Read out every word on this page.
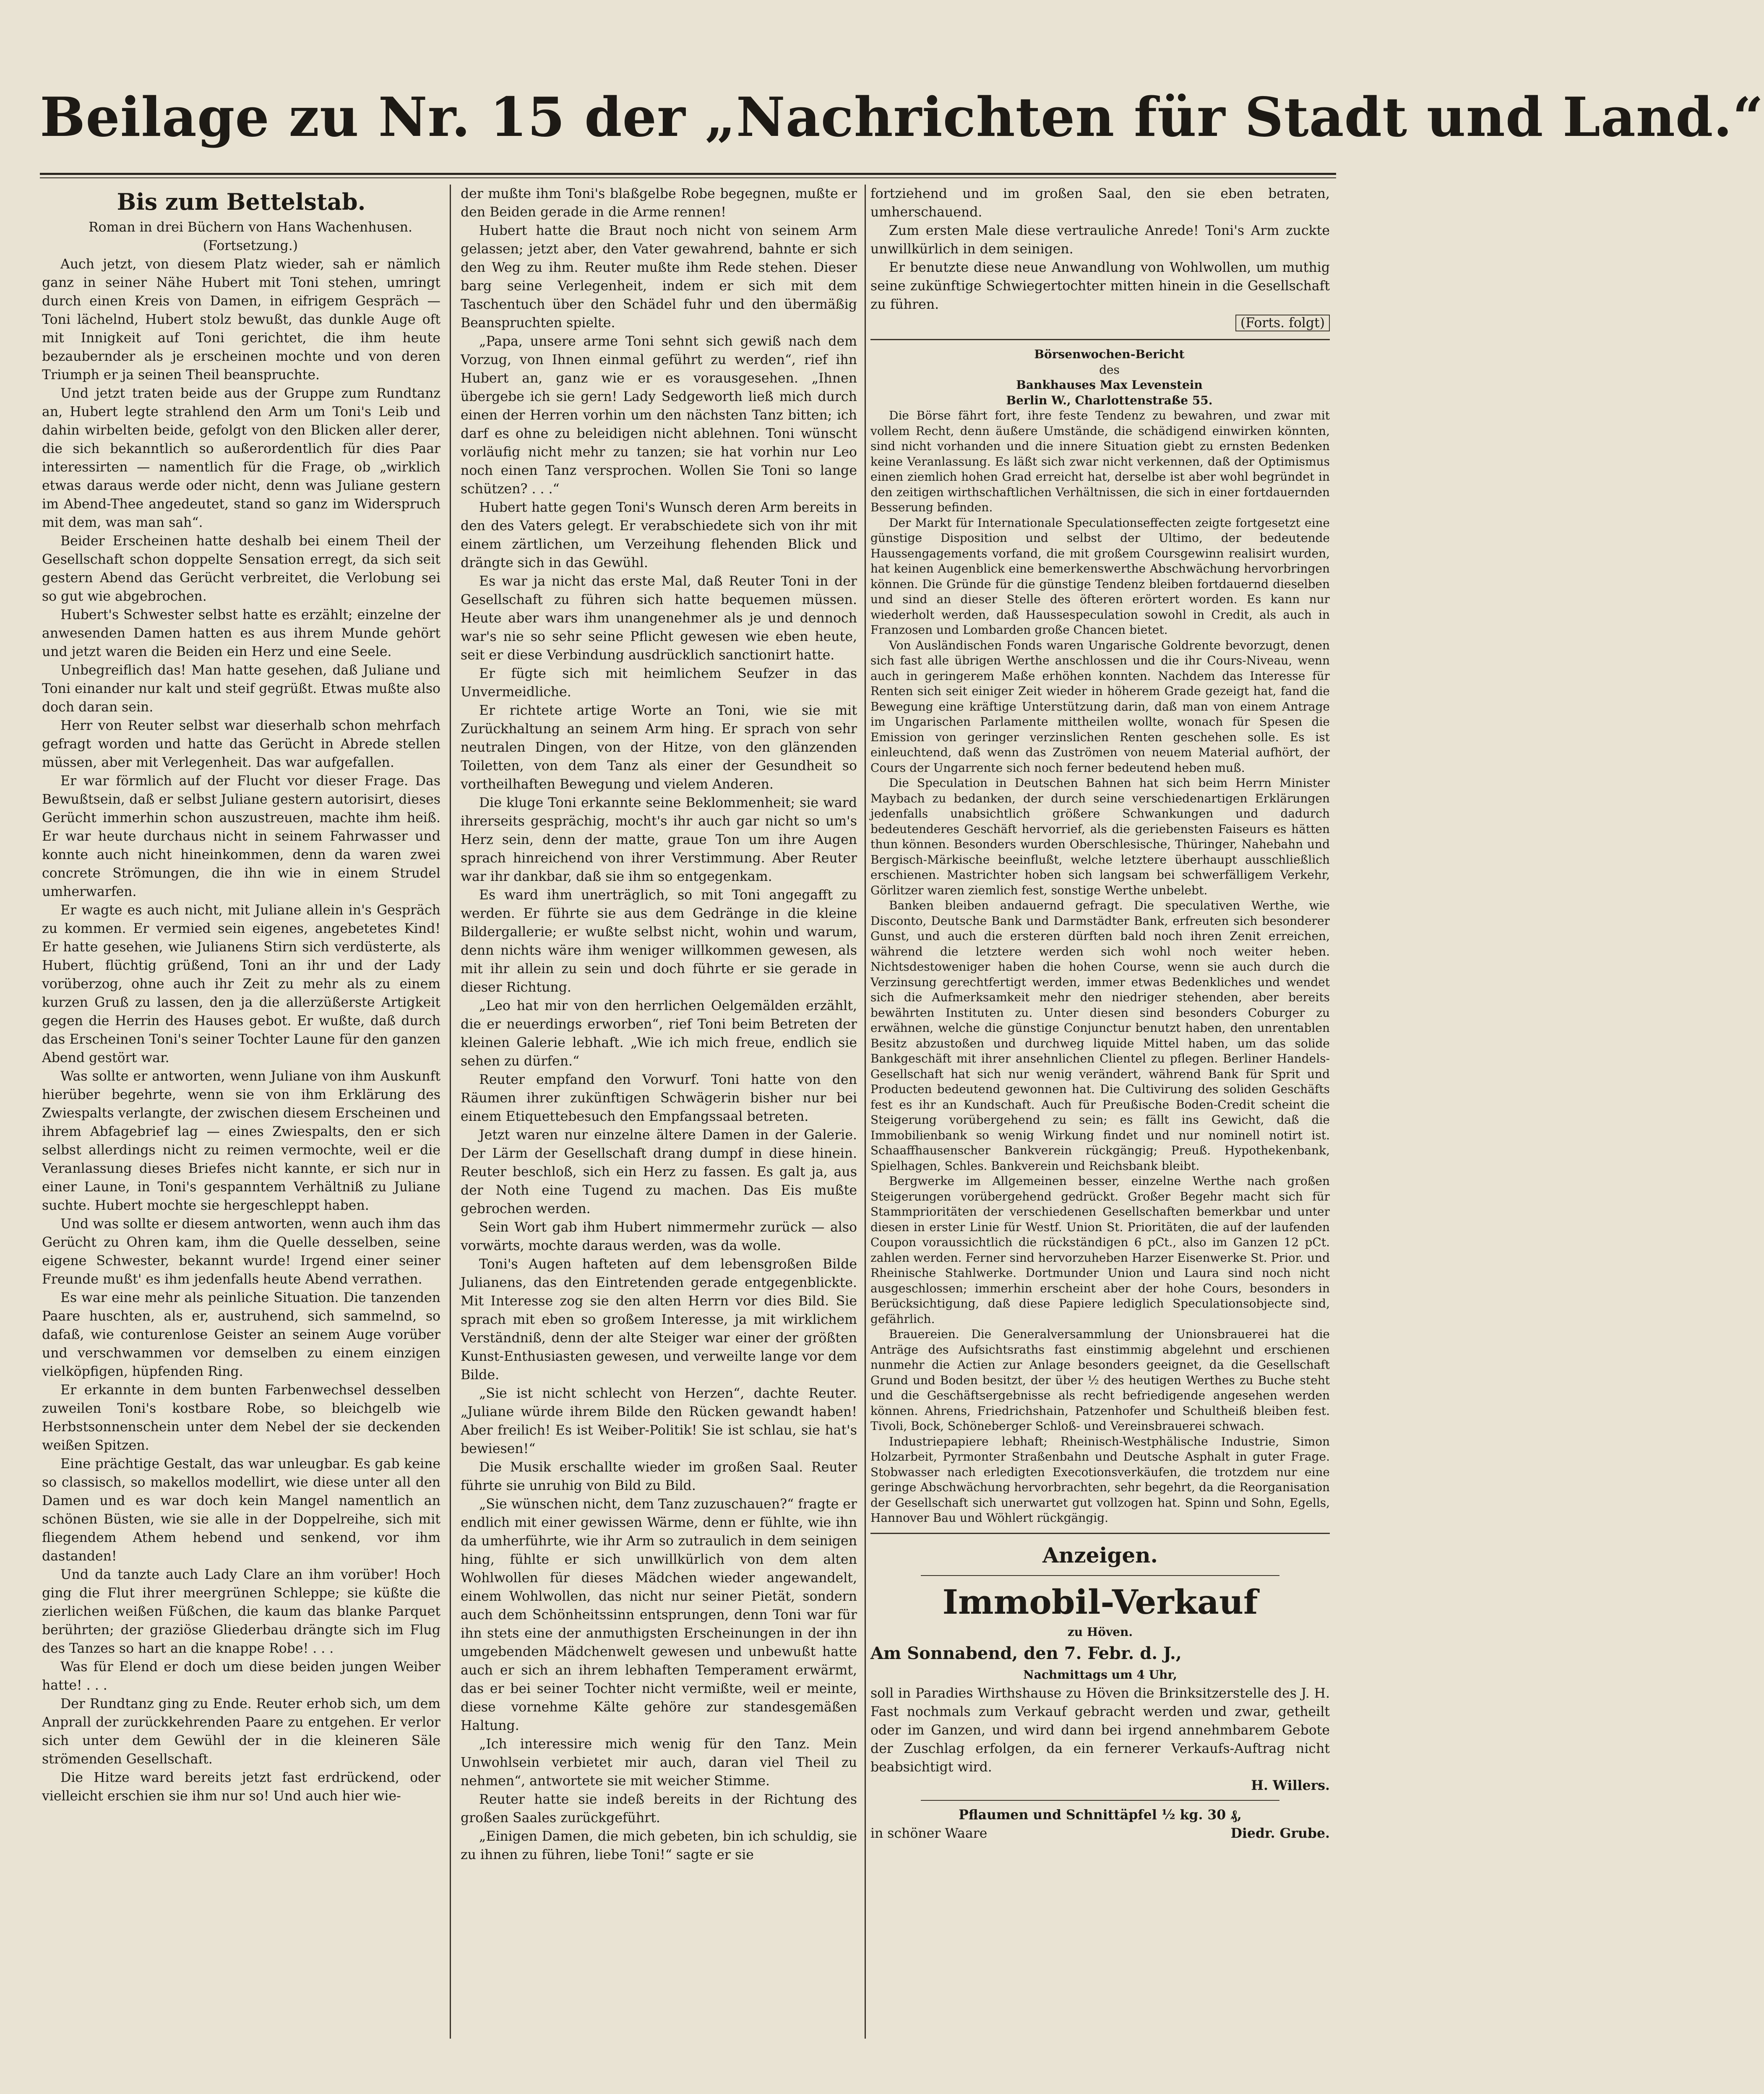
Beilage zu Nr. 15 der „Nachrichten für Stadt und Land.“
Bis zum Bettelstab.

Roman in drei Büchern von Hans Wachenhusen.

(Fortsetzung.)

Auch jetzt, von diesem Platz wieder, sah er nämlich ganz in seiner Nähe Hubert mit Toni stehen, umringt durch einen Kreis von Damen, in eifrigem Gespräch — Toni lächelnd, Hubert stolz bewußt, das dunkle Auge oft mit Innigkeit auf Toni gerichtet, die ihm heute bezaubernder als je erscheinen mochte und von deren Triumph er ja seinen Theil beanspruchte.

Und jetzt traten beide aus der Gruppe zum Rundtanz an, Hubert legte strahlend den Arm um Toni's Leib und dahin wirbelten beide, gefolgt von den Blicken aller derer, die sich bekanntlich so außerordentlich für dies Paar interessirten — namentlich für die Frage, ob „wirklich etwas daraus werde oder nicht, denn was Juliane gestern im Abend-Thee angedeutet, stand so ganz im Widerspruch mit dem, was man sah“.

Beider Erscheinen hatte deshalb bei einem Theil der Gesellschaft schon doppelte Sensation erregt, da sich seit gestern Abend das Gerücht verbreitet, die Verlobung sei so gut wie abgebrochen.

Hubert's Schwester selbst hatte es erzählt; einzelne der anwesenden Damen hatten es aus ihrem Munde gehört und jetzt waren die Beiden ein Herz und eine Seele.

Unbegreiflich das! Man hatte gesehen, daß Juliane und Toni einander nur kalt und steif gegrüßt. Etwas mußte also doch daran sein.

Herr von Reuter selbst war dieserhalb schon mehrfach gefragt worden und hatte das Gerücht in Abrede stellen müssen, aber mit Verlegenheit. Das war aufgefallen.

Er war förmlich auf der Flucht vor dieser Frage. Das Bewußtsein, daß er selbst Juliane gestern autorisirt, dieses Gerücht immerhin schon auszustreuen, machte ihm heiß. Er war heute durchaus nicht in seinem Fahrwasser und konnte auch nicht hineinkommen, denn da waren zwei concrete Strömungen, die ihn wie in einem Strudel umherwarfen.

Er wagte es auch nicht, mit Juliane allein in's Gespräch zu kommen. Er vermied sein eigenes, angebetetes Kind! Er hatte gesehen, wie Julianens Stirn sich verdüsterte, als Hubert, flüchtig grüßend, Toni an ihr und der Lady vorüberzog, ohne auch ihr Zeit zu mehr als zu einem kurzen Gruß zu lassen, den ja die allerzüßerste Artigkeit gegen die Herrin des Hauses gebot. Er wußte, daß durch das Erscheinen Toni's seiner Tochter Laune für den ganzen Abend gestört war.

Was sollte er antworten, wenn Juliane von ihm Auskunft hierüber begehrte, wenn sie von ihm Erklärung des Zwiespalts verlangte, der zwischen diesem Erscheinen und ihrem Abfagebrief lag — eines Zwiespalts, den er sich selbst allerdings nicht zu reimen vermochte, weil er die Veranlassung dieses Briefes nicht kannte, er sich nur in einer Laune, in Toni's gespanntem Verhältniß zu Juliane suchte. Hubert mochte sie hergeschleppt haben.

Und was sollte er diesem antworten, wenn auch ihm das Gerücht zu Ohren kam, ihm die Quelle desselben, seine eigene Schwester, bekannt wurde! Irgend einer seiner Freunde mußt' es ihm jedenfalls heute Abend verrathen.

Es war eine mehr als peinliche Situation. Die tanzenden Paare huschten, als er, austruhend, sich sammelnd, so dafaß, wie conturenlose Geister an seinem Auge vorüber und verschwammen vor demselben zu einem einzigen vielköpfigen, hüpfenden Ring.

Er erkannte in dem bunten Farbenwechsel desselben zuweilen Toni's kostbare Robe, so bleichgelb wie Herbstsonnenschein unter dem Nebel der sie deckenden weißen Spitzen.

Eine prächtige Gestalt, das war unleugbar. Es gab keine so classisch, so makellos modellirt, wie diese unter all den Damen und es war doch kein Mangel namentlich an schönen Büsten, wie sie alle in der Doppelreihe, sich mit fliegendem Athem hebend und senkend, vor ihm dastanden!

Und da tanzte auch Lady Clare an ihm vorüber! Hoch ging die Flut ihrer meergrünen Schleppe; sie küßte die zierlichen weißen Füßchen, die kaum das blanke Parquet berührten; der graziöse Gliederbau drängte sich im Flug des Tanzes so hart an die knappe Robe! . . .

Was für Elend er doch um diese beiden jungen Weiber hatte! . . .

Der Rundtanz ging zu Ende. Reuter erhob sich, um dem Anprall der zurückkehrenden Paare zu entgehen. Er verlor sich unter dem Gewühl der in die kleineren Säle strömenden Gesellschaft.

Die Hitze ward bereits jetzt fast erdrückend, oder vielleicht erschien sie ihm nur so! Und auch hier wie-

der mußte ihm Toni's blaßgelbe Robe begegnen, mußte er den Beiden gerade in die Arme rennen!

Hubert hatte die Braut noch nicht von seinem Arm gelassen; jetzt aber, den Vater gewahrend, bahnte er sich den Weg zu ihm. Reuter mußte ihm Rede stehen. Dieser barg seine Verlegenheit, indem er sich mit dem Taschentuch über den Schädel fuhr und den übermäßig Beanspruchten spielte.

„Papa, unsere arme Toni sehnt sich gewiß nach dem Vorzug, von Ihnen einmal geführt zu werden“, rief ihn Hubert an, ganz wie er es vorausgesehen. „Ihnen übergebe ich sie gern! Lady Sedgeworth ließ mich durch einen der Herren vorhin um den nächsten Tanz bitten; ich darf es ohne zu beleidigen nicht ablehnen. Toni wünscht vorläufig nicht mehr zu tanzen; sie hat vorhin nur Leo noch einen Tanz versprochen. Wollen Sie Toni so lange schützen? . . .“

Hubert hatte gegen Toni's Wunsch deren Arm bereits in den des Vaters gelegt. Er verabschiedete sich von ihr mit einem zärtlichen, um Verzeihung flehenden Blick und drängte sich in das Gewühl.

Es war ja nicht das erste Mal, daß Reuter Toni in der Gesellschaft zu führen sich hatte bequemen müssen. Heute aber wars ihm unangenehmer als je und dennoch war's nie so sehr seine Pflicht gewesen wie eben heute, seit er diese Verbindung ausdrücklich sanctionirt hatte.

Er fügte sich mit heimlichem Seufzer in das Unvermeidliche.

Er richtete artige Worte an Toni, wie sie mit Zurückhaltung an seinem Arm hing. Er sprach von sehr neutralen Dingen, von der Hitze, von den glänzenden Toiletten, von dem Tanz als einer der Gesundheit so vortheilhaften Bewegung und vielem Anderen.

Die kluge Toni erkannte seine Beklommenheit; sie ward ihrerseits gesprächig, mocht's ihr auch gar nicht so um's Herz sein, denn der matte, graue Ton um ihre Augen sprach hinreichend von ihrer Verstimmung. Aber Reuter war ihr dankbar, daß sie ihm so entgegenkam.

Es ward ihm unerträglich, so mit Toni angegafft zu werden. Er führte sie aus dem Gedränge in die kleine Bildergallerie; er wußte selbst nicht, wohin und warum, denn nichts wäre ihm weniger willkommen gewesen, als mit ihr allein zu sein und doch führte er sie gerade in dieser Richtung.

„Leo hat mir von den herrlichen Oelgemälden erzählt, die er neuerdings erworben“, rief Toni beim Betreten der kleinen Galerie lebhaft. „Wie ich mich freue, endlich sie sehen zu dürfen.“

Reuter empfand den Vorwurf. Toni hatte von den Räumen ihrer zukünftigen Schwägerin bisher nur bei einem Etiquettebesuch den Empfangssaal betreten.

Jetzt waren nur einzelne ältere Damen in der Galerie. Der Lärm der Gesellschaft drang dumpf in diese hinein. Reuter beschloß, sich ein Herz zu fassen. Es galt ja, aus der Noth eine Tugend zu machen. Das Eis mußte gebrochen werden.

Sein Wort gab ihm Hubert nimmermehr zurück — also vorwärts, mochte daraus werden, was da wolle.

Toni's Augen hafteten auf dem lebensgroßen Bilde Julianens, das den Eintretenden gerade entgegenblickte. Mit Interesse zog sie den alten Herrn vor dies Bild. Sie sprach mit eben so großem Interesse, ja mit wirklichem Verständniß, denn der alte Steiger war einer der größten Kunst-Enthusiasten gewesen, und verweilte lange vor dem Bilde.

„Sie ist nicht schlecht von Herzen“, dachte Reuter. „Juliane würde ihrem Bilde den Rücken gewandt haben! Aber freilich! Es ist Weiber-Politik! Sie ist schlau, sie hat's bewiesen!“

Die Musik erschallte wieder im großen Saal. Reuter führte sie unruhig von Bild zu Bild.

„Sie wünschen nicht, dem Tanz zuzuschauen?“ fragte er endlich mit einer gewissen Wärme, denn er fühlte, wie ihn da umherführte, wie ihr Arm so zutraulich in dem seinigen hing, fühlte er sich unwillkürlich von dem alten Wohlwollen für dieses Mädchen wieder angewandelt, einem Wohlwollen, das nicht nur seiner Pietät, sondern auch dem Schönheitssinn entsprungen, denn Toni war für ihn stets eine der anmuthigsten Erscheinungen in der ihn umgebenden Mädchenwelt gewesen und unbewußt hatte auch er sich an ihrem lebhaften Temperament erwärmt, das er bei seiner Tochter nicht vermißte, weil er meinte, diese vornehme Kälte gehöre zur standesgemäßen Haltung.

„Ich interessire mich wenig für den Tanz. Mein Unwohlsein verbietet mir auch, daran viel Theil zu nehmen“, antwortete sie mit weicher Stimme.

Reuter hatte sie indeß bereits in der Richtung des großen Saales zurückgeführt.

„Einigen Damen, die mich gebeten, bin ich schuldig, sie zu ihnen zu führen, liebe Toni!“ sagte er sie

fortziehend und im großen Saal, den sie eben betraten, umherschauend.

Zum ersten Male diese vertrauliche Anrede! Toni's Arm zuckte unwillkürlich in dem seinigen.

Er benutzte diese neue Anwandlung von Wohlwollen, um muthig seine zukünftige Schwiegertochter mitten hinein in die Gesellschaft zu führen.

(Forts. folgt)

Börsenwochen-Bericht

des

Bankhauses Max Levenstein

Berlin W., Charlottenstraße 55.

Die Börse fährt fort, ihre feste Tendenz zu bewahren, und zwar mit vollem Recht, denn äußere Umstände, die schädigend einwirken könnten, sind nicht vorhanden und die innere Situation giebt zu ernsten Bedenken keine Veranlassung. Es läßt sich zwar nicht verkennen, daß der Optimismus einen ziemlich hohen Grad erreicht hat, derselbe ist aber wohl begründet in den zeitigen wirthschaftlichen Verhältnissen, die sich in einer fortdauernden Besserung befinden.

Der Markt für Internationale Speculationseffecten zeigte fortgesetzt eine günstige Disposition und selbst der Ultimo, der bedeutende Haussengagements vorfand, die mit großem Coursgewinn realisirt wurden, hat keinen Augenblick eine bemerkenswerthe Abschwächung hervorbringen können. Die Gründe für die günstige Tendenz bleiben fortdauernd dieselben und sind an dieser Stelle des öfteren erörtert worden. Es kann nur wiederholt werden, daß Haussespeculation sowohl in Credit, als auch in Franzosen und Lombarden große Chancen bietet.

Von Ausländischen Fonds waren Ungarische Goldrente bevorzugt, denen sich fast alle übrigen Werthe anschlossen und die ihr Cours-Niveau, wenn auch in geringerem Maße erhöhen konnten. Nachdem das Interesse für Renten sich seit einiger Zeit wieder in höherem Grade gezeigt hat, fand die Bewegung eine kräftige Unterstützung darin, daß man von einem Antrage im Ungarischen Parlamente mittheilen wollte, wonach für Spesen die Emission von geringer verzinslichen Renten geschehen solle. Es ist einleuchtend, daß wenn das Zuströmen von neuem Material aufhört, der Cours der Ungarrente sich noch ferner bedeutend heben muß.

Die Speculation in Deutschen Bahnen hat sich beim Herrn Minister Maybach zu bedanken, der durch seine verschiedenartigen Erklärungen jedenfalls unabsichtlich größere Schwankungen und dadurch bedeutenderes Geschäft hervorrief, als die geriebensten Faiseurs es hätten thun können. Besonders wurden Oberschlesische, Thüringer, Nahebahn und Bergisch-Märkische beeinflußt, welche letztere überhaupt ausschließlich erschienen. Mastrichter hoben sich langsam bei schwerfälligem Verkehr, Görlitzer waren ziemlich fest, sonstige Werthe unbelebt.

Banken bleiben andauernd gefragt. Die speculativen Werthe, wie Disconto, Deutsche Bank und Darmstädter Bank, erfreuten sich besonderer Gunst, und auch die ersteren dürften bald noch ihren Zenit erreichen, während die letztere werden sich wohl noch weiter heben. Nichtsdestoweniger haben die hohen Course, wenn sie auch durch die Verzinsung gerechtfertigt werden, immer etwas Bedenkliches und wendet sich die Aufmerksamkeit mehr den niedriger stehenden, aber bereits bewährten Instituten zu. Unter diesen sind besonders Coburger zu erwähnen, welche die günstige Conjunctur benutzt haben, den unrentablen Besitz abzustoßen und durchweg liquide Mittel haben, um das solide Bankgeschäft mit ihrer ansehnlichen Clientel zu pflegen. Berliner Handels-Gesellschaft hat sich nur wenig verändert, während Bank für Sprit und Producten bedeutend gewonnen hat. Die Cultivirung des soliden Geschäfts fest es ihr an Kundschaft. Auch für Preußische Boden-Credit scheint die Steigerung vorübergehend zu sein; es fällt ins Gewicht, daß die Immobilienbank so wenig Wirkung findet und nur nominell notirt ist. Schaaffhausenscher Bankverein rückgängig; Preuß. Hypothekenbank, Spielhagen, Schles. Bankverein und Reichsbank bleibt.

Bergwerke im Allgemeinen besser, einzelne Werthe nach großen Steigerungen vorübergehend gedrückt. Großer Begehr macht sich für Stammprioritäten der verschiedenen Gesellschaften bemerkbar und unter diesen in erster Linie für Westf. Union St. Prioritäten, die auf der laufenden Coupon voraussichtlich die rückständigen 6 pCt., also im Ganzen 12 pCt. zahlen werden. Ferner sind hervorzuheben Harzer Eisenwerke St. Prior. und Rheinische Stahlwerke. Dortmunder Union und Laura sind noch nicht ausgeschlossen; immerhin erscheint aber der hohe Cours, besonders in Berücksichtigung, daß diese Papiere lediglich Speculationsobjecte sind, gefährlich.

Brauereien. Die Generalversammlung der Unionsbrauerei hat die Anträge des Aufsichtsraths fast einstimmig abgelehnt und erschienen nunmehr die Actien zur Anlage besonders geeignet, da die Gesellschaft Grund und Boden besitzt, der über ½ des heutigen Werthes zu Buche steht und die Geschäftsergebnisse als recht befriedigende angesehen werden können. Ahrens, Friedrichshain, Patzenhofer und Schultheiß bleiben fest. Tivoli, Bock, Schöneberger Schloß- und Vereinsbrauerei schwach.

Industriepapiere lebhaft; Rheinisch-Westphälische Industrie, Simon Holzarbeit, Pyrmonter Straßenbahn und Deutsche Asphalt in guter Frage. Stobwasser nach erledigten Execotionsverkäufen, die trotzdem nur eine geringe Abschwächung hervorbrachten, sehr begehrt, da die Reorganisation der Gesellschaft sich unerwartet gut vollzogen hat. Spinn und Sohn, Egells, Hannover Bau und Wöhlert rückgängig.

Anzeigen.

Immobil-Verkauf

zu Höven.

Am Sonnabend, den 7. Febr. d. J.,

Nachmittags um 4 Uhr,

soll in Paradies Wirthshause zu Höven die Brinksitzerstelle des J. H. Fast nochmals zum Verkauf gebracht werden und zwar, getheilt oder im Ganzen, und wird dann bei irgend annehmbarem Gebote der Zuschlag erfolgen, da ein fernerer Verkaufs-Auftrag nicht beabsichtigt wird.

H. Willers.

Pflaumen und Schnittäpfel ½ kg. 30 ₰,

in schöner Waare	Diedr. Grube.
